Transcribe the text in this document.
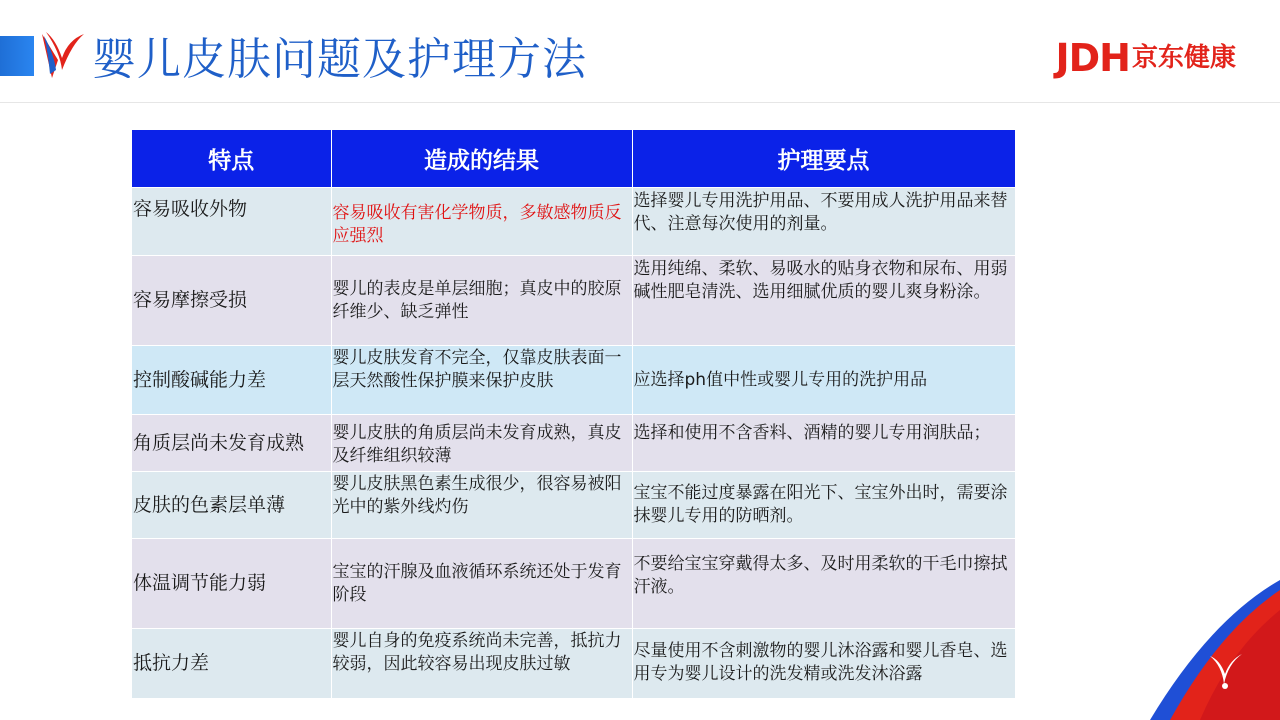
婴儿皮肤问题及护理方法	JDH 京东健康
特点	造成的结果	护理要点
容易吸收外物	容易吸收有害化学物质，多敏感物质反应强烈	选择婴儿专用洗护用品、不要用成人洗护用品来替代、注意每次使用的剂量。
容易摩擦受损	婴儿的表皮是单层细胞；真皮中的胶原纤维少、缺乏弹性	选用纯绵、柔软、易吸水的贴身衣物和尿布、用弱碱性肥皂清洗、选用细腻优质的婴儿爽身粉涂。
控制酸碱能力差	婴儿皮肤发育不完全，仅靠皮肤表面一层天然酸性保护膜来保护皮肤	应选择ph值中性或婴儿专用的洗护用品
角质层尚未发育成熟	婴儿皮肤的角质层尚未发育成熟，真皮及纤维组织较薄	选择和使用不含香料、酒精的婴儿专用润肤品；
皮肤的色素层单薄	婴儿皮肤黑色素生成很少，很容易被阳光中的紫外线灼伤	宝宝不能过度暴露在阳光下、宝宝外出时，需要涂抹婴儿专用的防晒剂。
体温调节能力弱	宝宝的汗腺及血液循环系统还处于发育阶段	不要给宝宝穿戴得太多、及时用柔软的干毛巾擦拭汗液。
抵抗力差	婴儿自身的免疫系统尚未完善，抵抗力较弱，因此较容易出现皮肤过敏	尽量使用不含刺激物的婴儿沐浴露和婴儿香皂、选用专为婴儿设计的洗发精或洗发沐浴露
